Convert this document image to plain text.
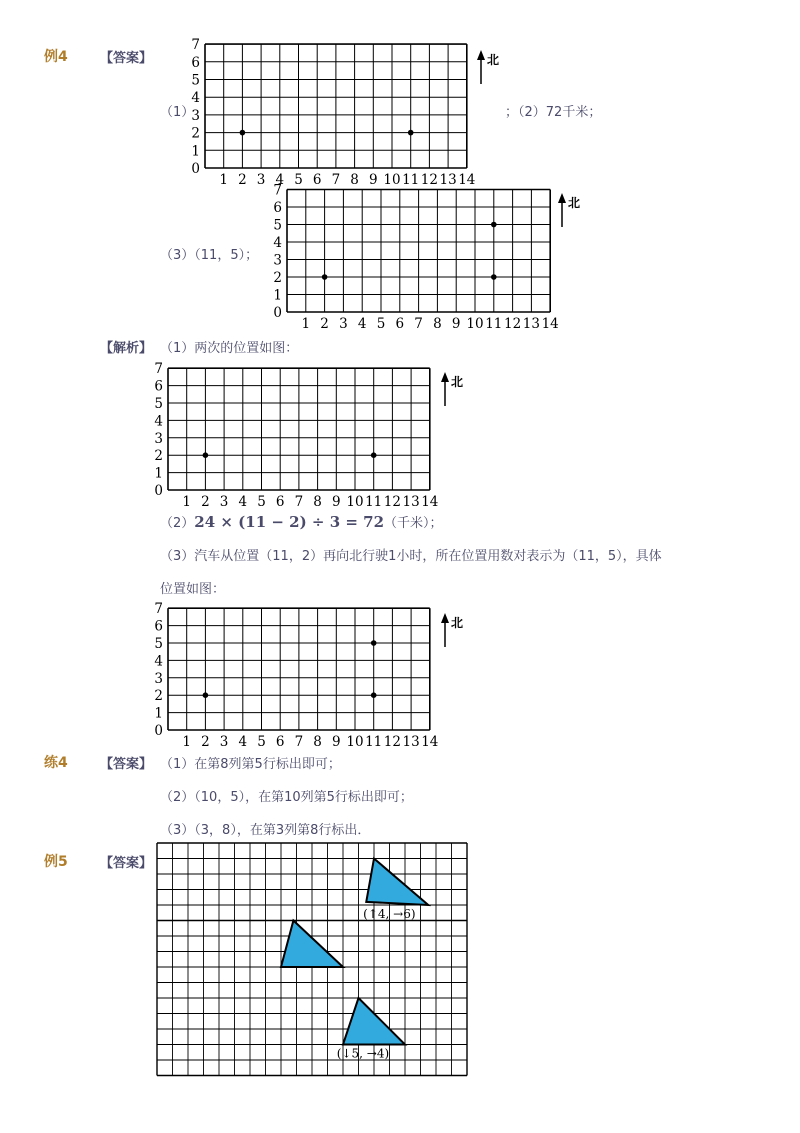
例4 【答案】
（1）
0
1
2
3
4
5
6
7
1 2 3 4 5 6 7 8 9 10 11 12 13 14
北
；（2）72千米；
（3）（11，5）；
0
1
2
3
4
5
6
7
1 2 3 4 5 6 7 8 9 10 11 12 13 14
北
【解析】 （1）两次的位置如图：
0
1
2
3
4
5
6
7
1 2 3 4 5 6 7 8 9 10 11 12 13 14
北
（2）24 × (11 − 2) ÷ 3 = 72（千米）；
（3）汽车从位置（11，2）再向北行驶1小时，所在位置用数对表示为（11，5），具体
位置如图：
0
1
2
3
4
5
6
7
1 2 3 4 5 6 7 8 9 10 11 12 13 14
北
练4 【答案】 （1）在第8列第5行标出即可；
（2）（10，5），在第10列第5行标出即可；
（3）（3，8），在第3列第8行标出．
例5 【答案】
(↑4, →6)
(↓5, →4)
